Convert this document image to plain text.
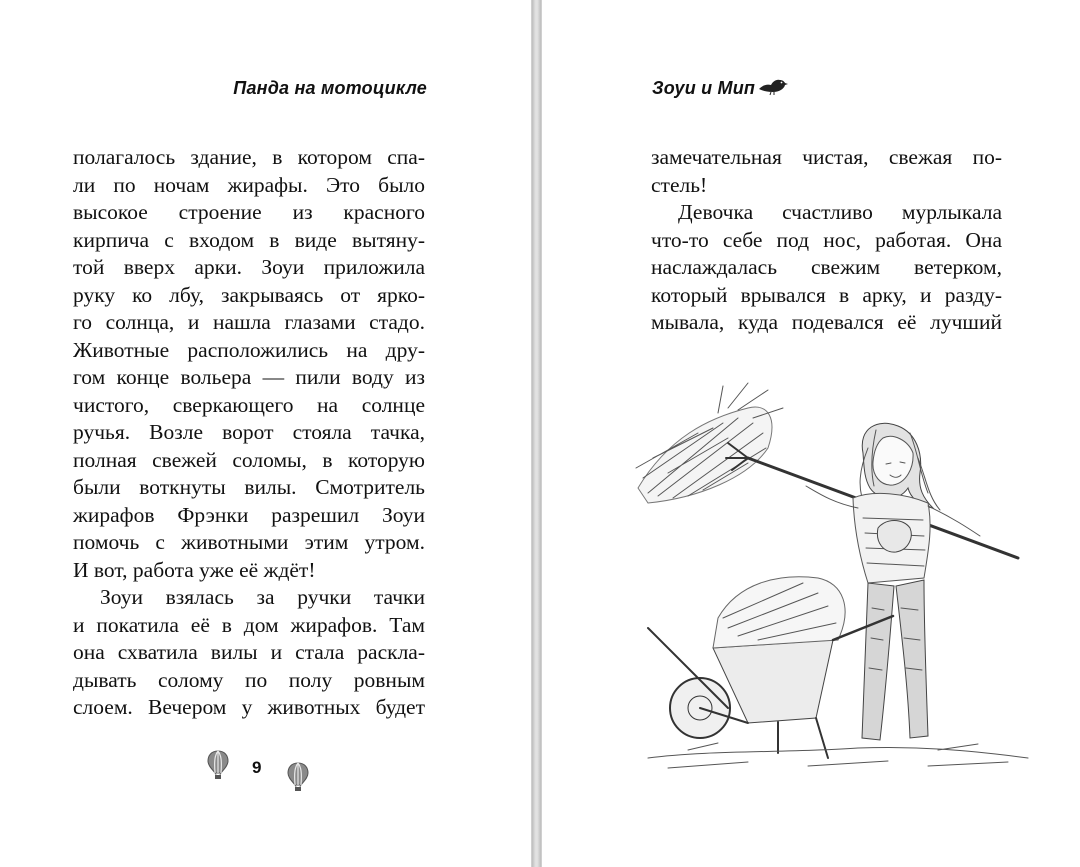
Панда на мотоцикле
полагалось здание, в котором спа-
ли по ночам жирафы. Это было
высокое строение из красного
кирпича с входом в виде вытяну-
той вверх арки. Зоуи приложила
руку ко лбу, закрываясь от ярко-
го солнца, и нашла глазами стадо.
Животные расположились на дру-
гом конце вольера — пили воду из
чистого, сверкающего на солнце
ручья. Возле ворот стояла тачка,
полная свежей соломы, в которую
были воткнуты вилы. Смотритель
жирафов Фрэнки разрешил Зоуи
помочь с животными этим утром.
И вот, работа уже её ждёт!
Зоуи взялась за ручки тачки
и покатила её в дом жирафов. Там
она схватила вилы и стала раскла-
дывать солому по полу ровным
слоем. Вечером у животных будет
9
Зоуи и Мип
замечательная чистая, свежая по-
стель!
Девочка счастливо мурлыкала
что-то себе под нос, работая. Она
наслаждалась свежим ветерком,
который врывался в арку, и разду-
мывала, куда подевался её лучший
